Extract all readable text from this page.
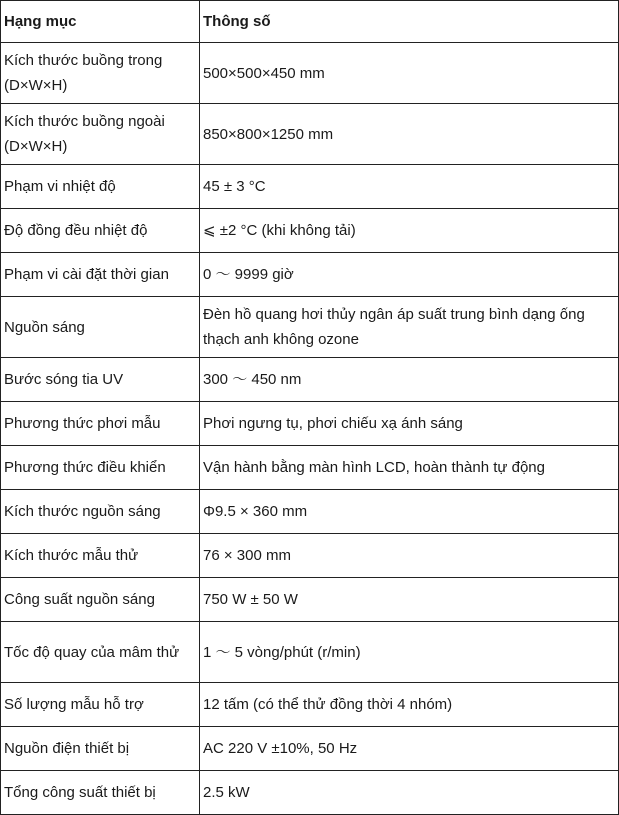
Hạng mục	Thông số
Kích thước buồng trong (D×W×H)	500×500×450 mm
Kích thước buồng ngoài (D×W×H)	850×800×1250 mm
Phạm vi nhiệt độ	45 ± 3 °C
Độ đồng đều nhiệt độ	⩽ ±2 °C (khi không tải)
Phạm vi cài đặt thời gian	0 ～ 9999 giờ
Nguồn sáng	Đèn hồ quang hơi thủy ngân áp suất trung bình dạng ống thạch anh không ozone
Bước sóng tia UV	300 ～ 450 nm
Phương thức phơi mẫu	Phơi ngưng tụ, phơi chiếu xạ ánh sáng
Phương thức điều khiển	Vận hành bằng màn hình LCD, hoàn thành tự động
Kích thước nguồn sáng	Φ9.5 × 360 mm
Kích thước mẫu thử	76 × 300 mm
Công suất nguồn sáng	750 W ± 50 W
Tốc độ quay của mâm thử	1 ～ 5 vòng/phút (r/min)
Số lượng mẫu hỗ trợ	12 tấm (có thể thử đồng thời 4 nhóm)
Nguồn điện thiết bị	AC 220 V ±10%, 50 Hz
Tổng công suất thiết bị	2.5 kW
